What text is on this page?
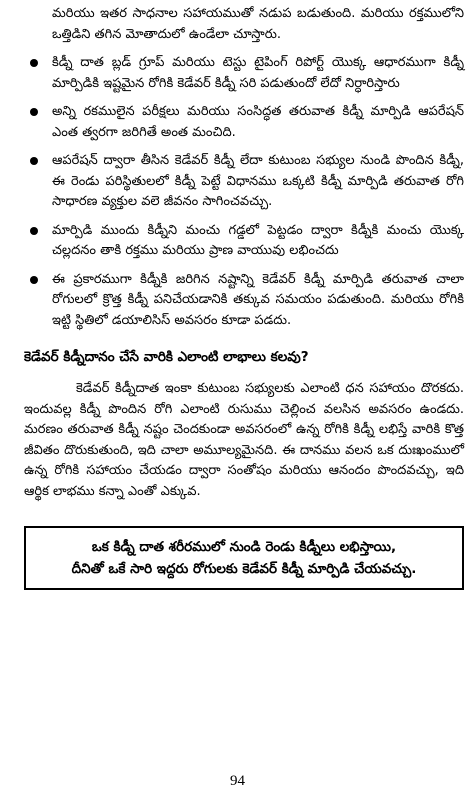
మరియు ఇతర సాధనాల సహాయముతో నడుప బడుతుంది. మరియు రక్తములోని ఒత్తిడిని తగిన మోతాదులో ఉండేలా చూస్తారు.

కిడ్నీ దాత బ్లడ్ గ్రూప్ మరియు టెస్టు టైపింగ్ రిపోర్ట్ యొక్క ఆధారముగా కిడ్నీ మార్పిడికి ఇష్టమైన రోగికి కెడేవర్ కిడ్నీ సరి పడుతుందో లేదో నిర్ధారిస్తారు
అన్ని రకములైన పరీక్షలు మరియు సంసిద్ధత తరువాత కిడ్నీ మార్పిడి ఆపరేషన్ ఎంత త్వరగా జరిగితే అంత మంచిది.
ఆపరేషన్ ద్వారా తీసిన కెడేవర్ కిడ్నీ లేదా కుటుంబ సభ్యుల నుండి పొందిన కిడ్నీ, ఈ రెండు పరిస్థితులలో కిడ్నీ పెట్టే విధానము ఒక్కటి కిడ్నీ మార్పిడి తరువాత రోగి సాధారణ వ్యక్తుల వలె జీవనం సాగించవచ్చు.
మార్పిడి ముందు కిడ్నీని మంచు గడ్డలో పెట్టడం ద్వారా కిడ్నీకి మంచు యొక్క చల్లదనం తాకి రక్తము మరియు ప్రాణ వాయువు లభించదు
ఈ ప్రకారముగా కిడ్నీకి జరిగిన నష్టాన్ని కెడేవర్ కిడ్నీ మార్పిడి తరువాత చాలా రోగులలో క్రొత్త కిడ్నీ పనిచేయడానికి తక్కువ సమయం పడుతుంది. మరియు రోగికి ఇట్టి స్థితిలో డయాలిసిస్ అవసరం కూడా పడదు.
కెడేవర్ కిడ్నీదానం చేసే వారికి ఎలాంటి లాభాలు కలవు?

కెడేవర్ కిడ్నీదాత ఇంకా కుటుంబ సభ్యులకు ఎలాంటి ధన సహాయం దొరకదు. ఇందువల్ల కిడ్నీ పొందిన రోగి ఎలాంటి రుసుము చెల్లించ వలసిన అవసరం ఉండదు. మరణం తరువాత కిడ్నీ నష్టం చెందకుండా అవసరంలో ఉన్న రోగికి కిడ్నీ లభిస్తే వారికి కొత్త జీవితం దొరుకుతుంది, ఇది చాలా అమూల్యమైనది. ఈ దానము వలన ఒక దుఃఖంములో ఉన్న రోగికి సహాయం చేయడం ద్వారా సంతోషం మరియు ఆనందం పొందవచ్చు, ఇది ఆర్థిక లాభము కన్నా ఎంతో ఎక్కువ.

ఒక కిడ్నీ దాత శరీరములో నుండి రెండు కిడ్నీలు లభిస్తాయి,
దీనితో ఒకే సారి ఇద్దరు రోగులకు కెడేవర్ కిడ్నీ మార్పిడి చేయవచ్చు.
94
